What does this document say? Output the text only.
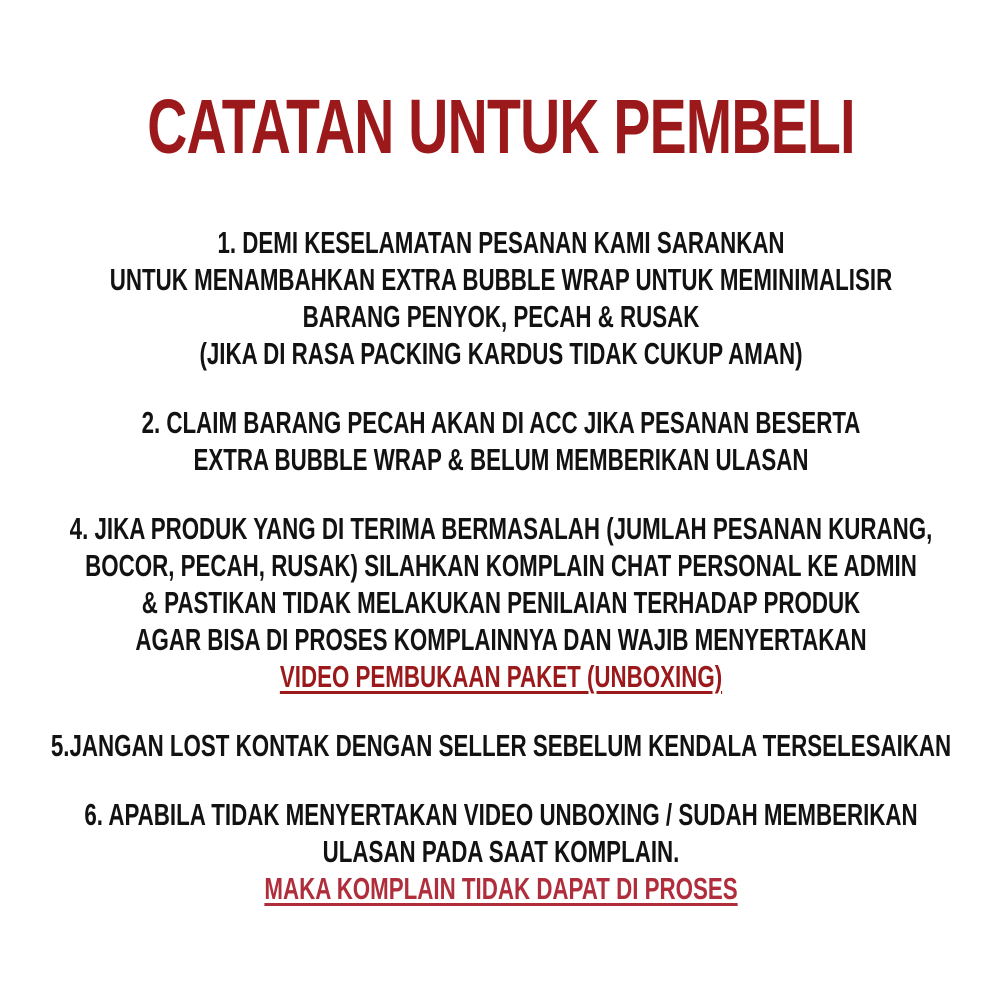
CATATAN UNTUK PEMBELI
1. DEMI KESELAMATAN PESANAN KAMI SARANKAN
UNTUK MENAMBAHKAN EXTRA BUBBLE WRAP UNTUK MEMINIMALISIR
BARANG PENYOK, PECAH & RUSAK
(JIKA DI RASA PACKING KARDUS TIDAK CUKUP AMAN)
2. CLAIM BARANG PECAH AKAN DI ACC JIKA PESANAN BESERTA
EXTRA BUBBLE WRAP & BELUM MEMBERIKAN ULASAN
4. JIKA PRODUK YANG DI TERIMA BERMASALAH (JUMLAH PESANAN KURANG,
BOCOR, PECAH, RUSAK) SILAHKAN KOMPLAIN CHAT PERSONAL KE ADMIN
& PASTIKAN TIDAK MELAKUKAN PENILAIAN TERHADAP PRODUK
AGAR BISA DI PROSES KOMPLAINNYA DAN WAJIB MENYERTAKAN
VIDEO PEMBUKAAN PAKET (UNBOXING)
5.JANGAN LOST KONTAK DENGAN SELLER SEBELUM KENDALA TERSELESAIKAN
6. APABILA TIDAK MENYERTAKAN VIDEO UNBOXING / SUDAH MEMBERIKAN
ULASAN PADA SAAT KOMPLAIN.
MAKA KOMPLAIN TIDAK DAPAT DI PROSES
